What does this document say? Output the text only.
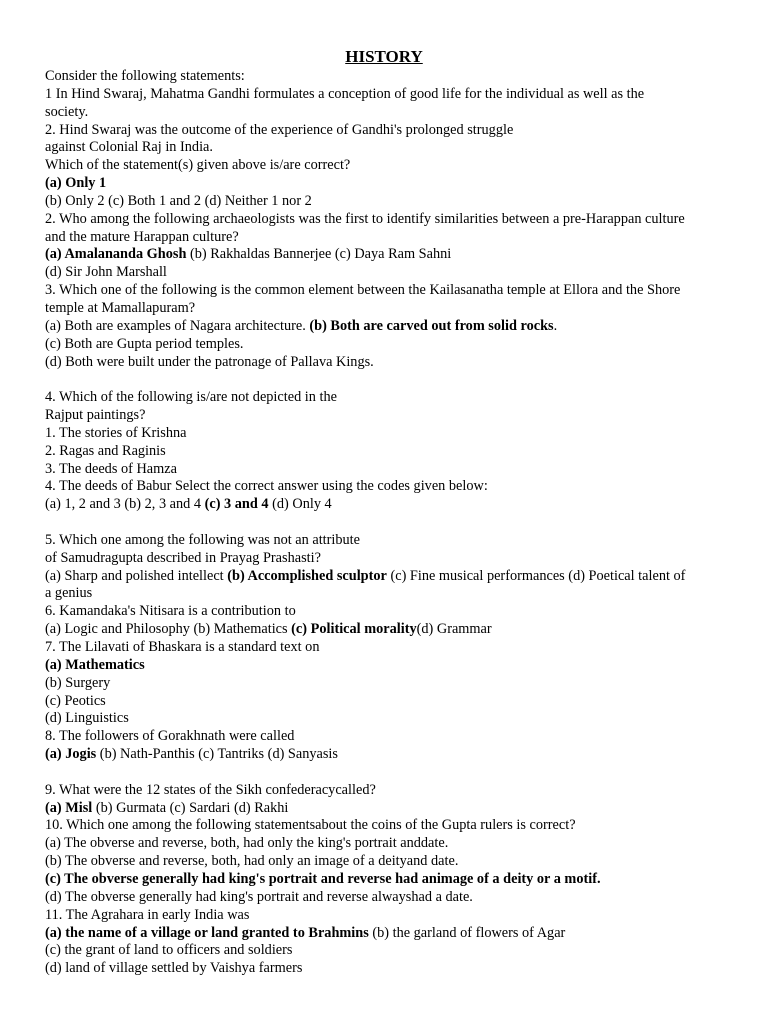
HISTORY
Consider the following statements:
1 In Hind Swaraj, Mahatma Gandhi formulates a conception of good life for the individual as well as the
society.
2. Hind Swaraj was the outcome of the experience of Gandhi's prolonged struggle
against Colonial Raj in India.
Which of the statement(s) given above is/are correct?
(a) Only 1
(b) Only 2 (c) Both 1 and 2 (d) Neither 1 nor 2
2. Who among the following archaeologists was the first to identify similarities between a pre-Harappan culture
and the mature Harappan culture?
(a) Amalananda Ghosh (b) Rakhaldas Bannerjee (c) Daya Ram Sahni
(d) Sir John Marshall
3. Which one of the following is the common element between the Kailasanatha temple at Ellora and the Shore
temple at Mamallapuram?
(a) Both are examples of Nagara architecture. (b) Both are carved out from solid rocks.
(c) Both are Gupta period temples.
(d) Both were built under the patronage of Pallava Kings.
4. Which of the following is/are not depicted in the
Rajput paintings?
1. The stories of Krishna
2. Ragas and Raginis
3. The deeds of Hamza
4. The deeds of Babur Select the correct answer using the codes given below:
(a) 1, 2 and 3 (b) 2, 3 and 4 (c) 3 and 4 (d) Only 4
5. Which one among the following was not an attribute
of Samudragupta described in Prayag Prashasti?
(a) Sharp and polished intellect (b) Accomplished sculptor (c) Fine musical performances (d) Poetical talent of
a genius
6. Kamandaka's Nitisara is a contribution to
(a) Logic and Philosophy (b) Mathematics (c) Political morality(d) Grammar
7. The Lilavati of Bhaskara is a standard text on
(a) Mathematics
(b) Surgery
(c) Peotics
(d) Linguistics
8. The followers of Gorakhnath were called
(a) Jogis (b) Nath-Panthis (c) Tantriks (d) Sanyasis
9. What were the 12 states of the Sikh confederacycalled?
(a) Misl (b) Gurmata (c) Sardari (d) Rakhi
10. Which one among the following statementsabout the coins of the Gupta rulers is correct?
(a) The obverse and reverse, both, had only the king's portrait anddate.
(b) The obverse and reverse, both, had only an image of a deityand date.
(c) The obverse generally had king's portrait and reverse had animage of a deity or a motif.
(d) The obverse generally had king's portrait and reverse alwayshad a date.
11. The Agrahara in early India was
(a) the name of a village or land granted to Brahmins (b) the garland of flowers of Agar
(c) the grant of land to officers and soldiers
(d) land of village settled by Vaishya farmers
